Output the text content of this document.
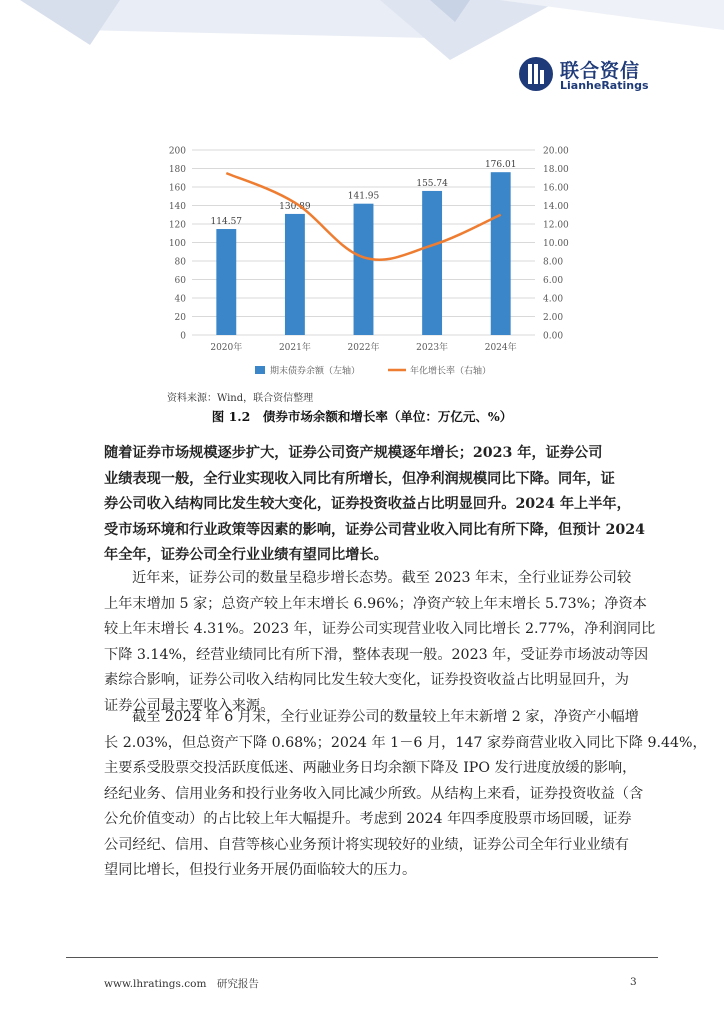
联合资信
LianheRatings
0
20
40
60
80
100
120
140
160
180
200
0.00
2.00
4.00
6.00
8.00
10.00
12.00
14.00
16.00
18.00
20.00
114.57
2020年
130.89
2021年
141.95
2022年
155.74
2023年
176.01
2024年
期末债券余额（左轴）	年化增长率（右轴）
资料来源：Wind，联合资信整理
图 1.2　债券市场余额和增长率（单位：万亿元、%）
随着证券市场规模逐步扩大，证券公司资产规模逐年增长；2023 年，证券公司
业绩表现一般，全行业实现收入同比有所增长，但净利润规模同比下降。同年，证
券公司收入结构同比发生较大变化，证券投资收益占比明显回升。2024 年上半年，
受市场环境和行业政策等因素的影响，证券公司营业收入同比有所下降，但预计 2024
年全年，证券公司全行业业绩有望同比增长。
近年来，证券公司的数量呈稳步增长态势。截至 2023 年末，全行业证券公司较
上年末增加 5 家；总资产较上年末增长 6.96%；净资产较上年末增长 5.73%；净资本
较上年末增长 4.31%。2023 年，证券公司实现营业收入同比增长 2.77%，净利润同比
下降 3.14%，经营业绩同比有所下滑，整体表现一般。2023 年，受证券市场波动等因
素综合影响，证券公司收入结构同比发生较大变化，证券投资收益占比明显回升，为
证券公司最主要收入来源。
截至 2024 年 6 月末，全行业证券公司的数量较上年末新增 2 家，净资产小幅增
长 2.03%，但总资产下降 0.68%；2024 年 1－6 月，147 家券商营业收入同比下降 9.44%，
主要系受股票交投活跃度低迷、两融业务日均余额下降及 IPO 发行进度放缓的影响，
经纪业务、信用业务和投行业务收入同比减少所致。从结构上来看，证券投资收益（含
公允价值变动）的占比较上年大幅提升。考虑到 2024 年四季度股票市场回暖，证券
公司经纪、信用、自营等核心业务预计将实现较好的业绩，证券公司全年行业业绩有
望同比增长，但投行业务开展仍面临较大的压力。
www.lhratings.com　研究报告	3
